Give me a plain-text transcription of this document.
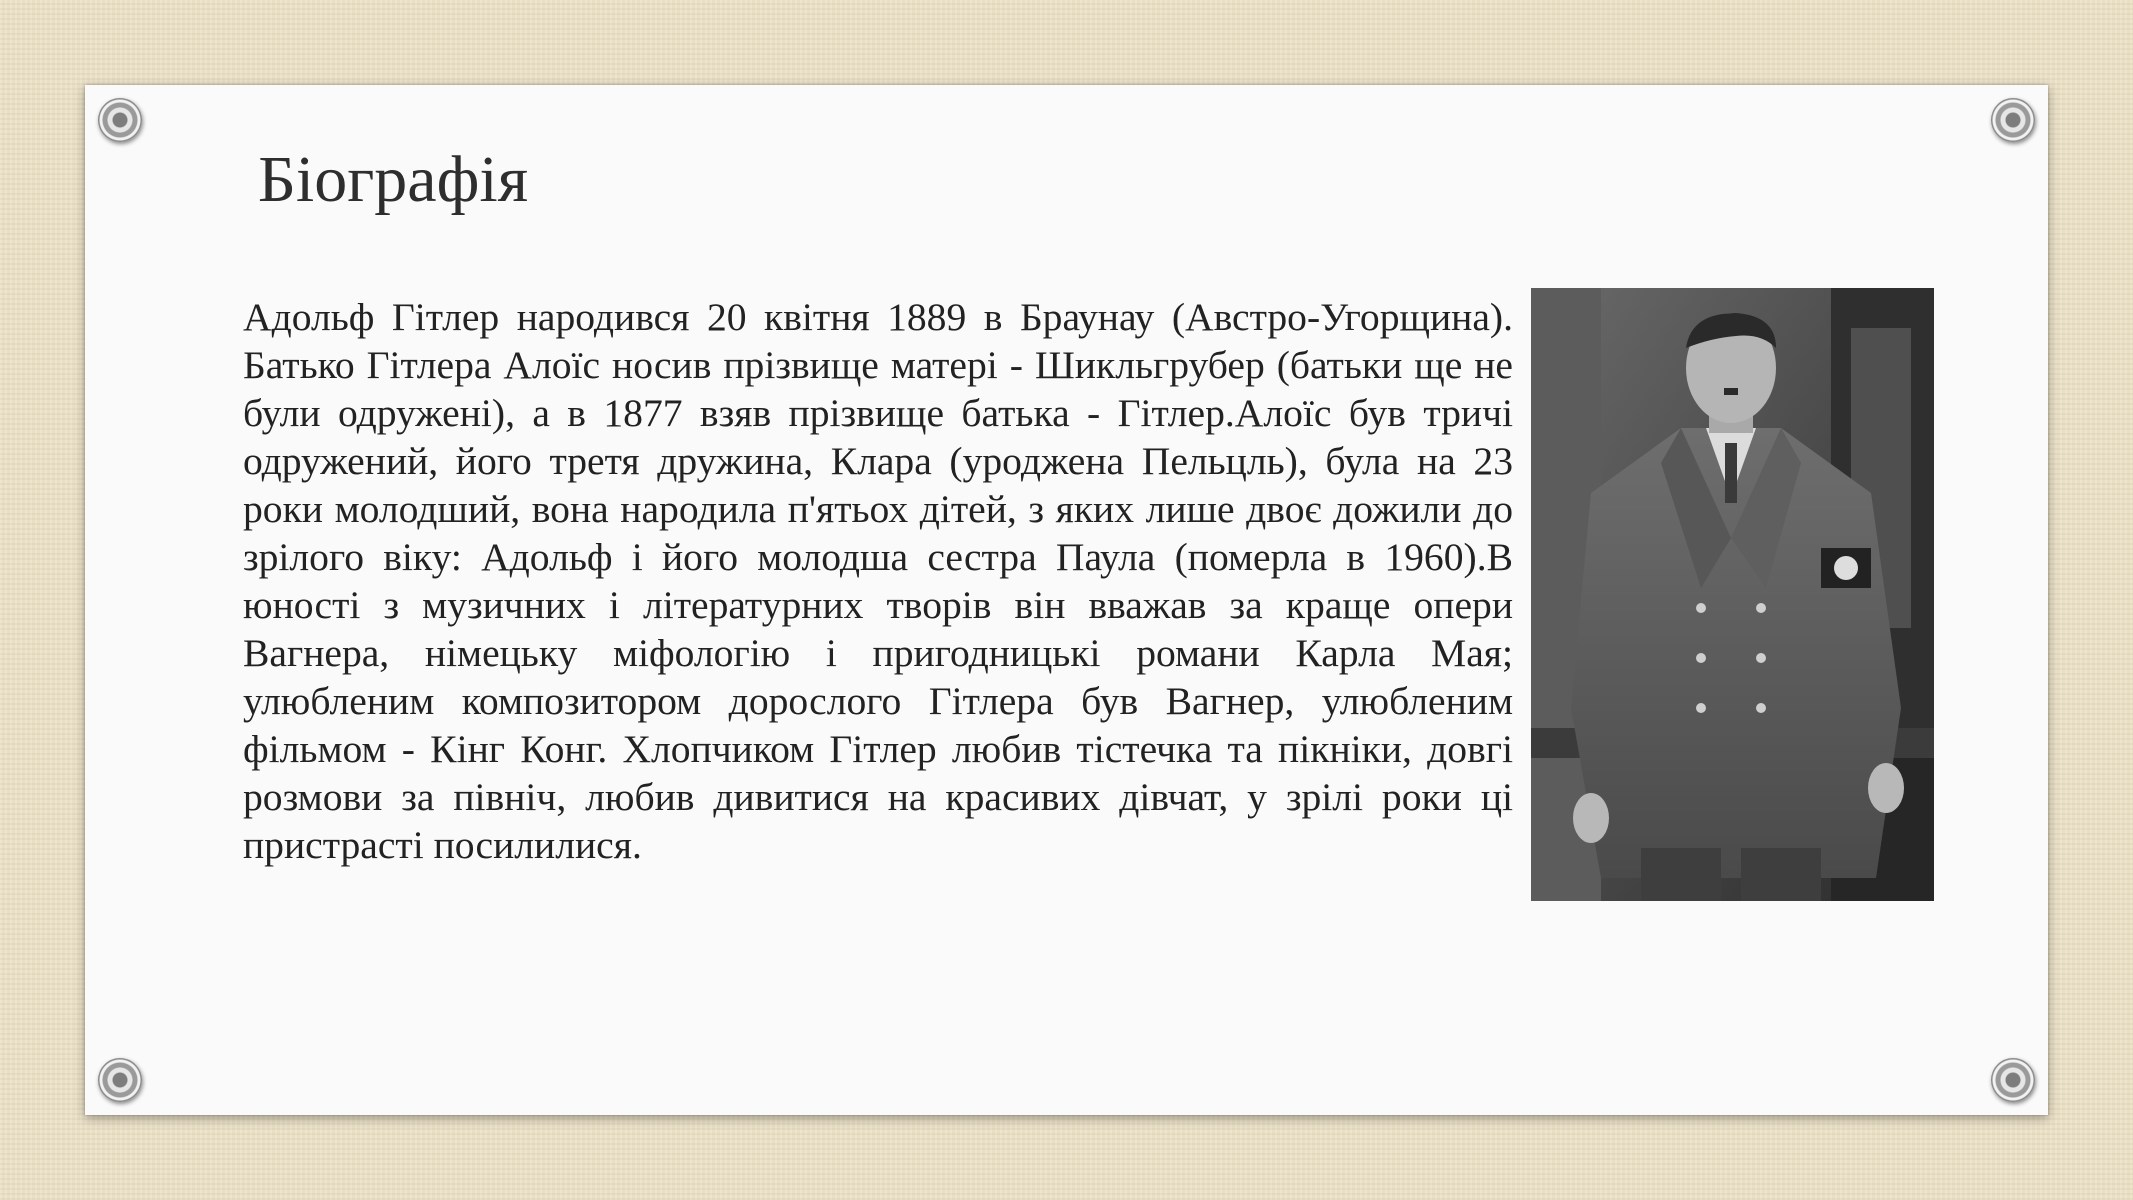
Біографія

Адольф Гітлер народився 20 квітня 1889 в Браунау (Австро-Угорщина). Батько Гітлера Алоїс носив прізвище матері - Шикльгрубер (батьки ще не були одружені), а в 1877 взяв прізвище батька - Гітлер.Алоїс був тричі одружений, його третя дружина, Клара (уроджена Пельцль), була на 23 роки молодший, вона народила п'ятьох дітей, з яких лише двоє дожили до зрілого віку: Адольф і його молодша сестра Паула (померла в 1960).В юності з музичних і літературних творів він вважав за краще опери Вагнера, німецьку міфологію і пригодницькі романи Карла Мая; улюбленим композитором дорослого Гітлера був Вагнер, улюбленим фільмом - Кінг Конг. Хлопчиком Гітлер любив тістечка та пікніки, довгі розмови за північ, любив дивитися на красивих дівчат, у зрілі роки ці пристрасті посилилися.
